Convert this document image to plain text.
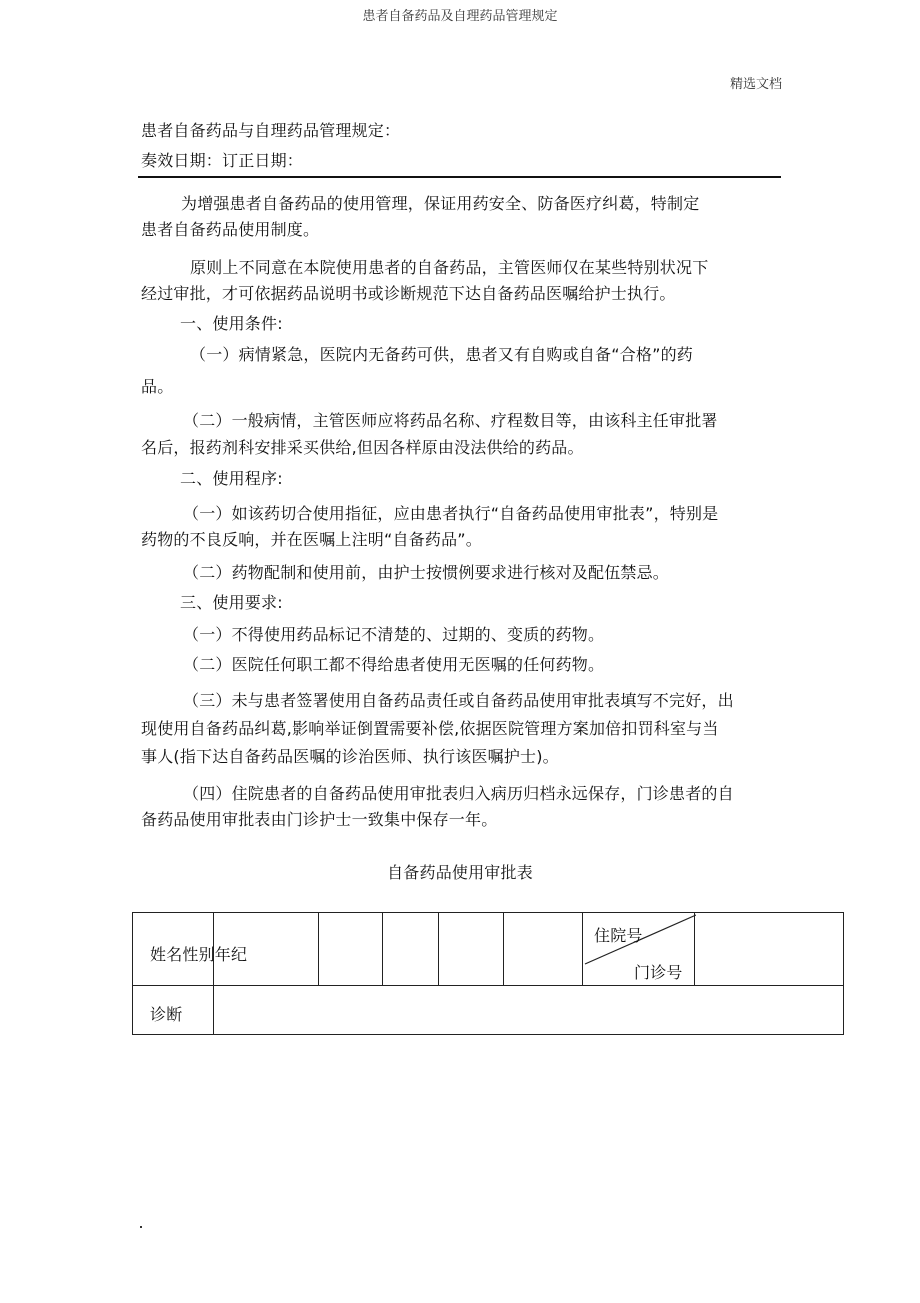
患者自备药品及自理药品管理规定
精选文档
患者自备药品与自理药品管理规定：
奏效日期：订正日期：
为增强患者自备药品的使用管理，保证用药安全、防备医疗纠葛，特制定
患者自备药品使用制度。
原则上不同意在本院使用患者的自备药品，主管医师仅在某些特别状况下
经过审批，才可依据药品说明书或诊断规范下达自备药品医嘱给护士执行。
一、使用条件:
（一）病情紧急，医院内无备药可供，患者又有自购或自备“合格”的药
品。
（二）一般病情，主管医师应将药品名称、疗程数目等，由该科主任审批署
名后，报药剂科安排采买供给,但因各样原由没法供给的药品。
二、使用程序:
（一）如该药切合使用指征，应由患者执行“自备药品使用审批表”，特别是
药物的不良反响，并在医嘱上注明“自备药品”。
（二）药物配制和使用前，由护士按惯例要求进行核对及配伍禁忌。
三、使用要求:
（一）不得使用药品标记不清楚的、过期的、变质的药物。
（二）医院任何职工都不得给患者使用无医嘱的任何药物。
（三）未与患者签署使用自备药品责任或自备药品使用审批表填写不完好，出
现使用自备药品纠葛,影响举证倒置需要补偿,依据医院管理方案加倍扣罚科室与当
事人(指下达自备药品医嘱的诊治医师、执行该医嘱护士)。
（四）住院患者的自备药品使用审批表归入病历归档永远保存，门诊患者的自
备药品使用审批表由门诊护士一致集中保存一年。
自备药品使用审批表
姓名性别年纪
住院号
门诊号
诊断
